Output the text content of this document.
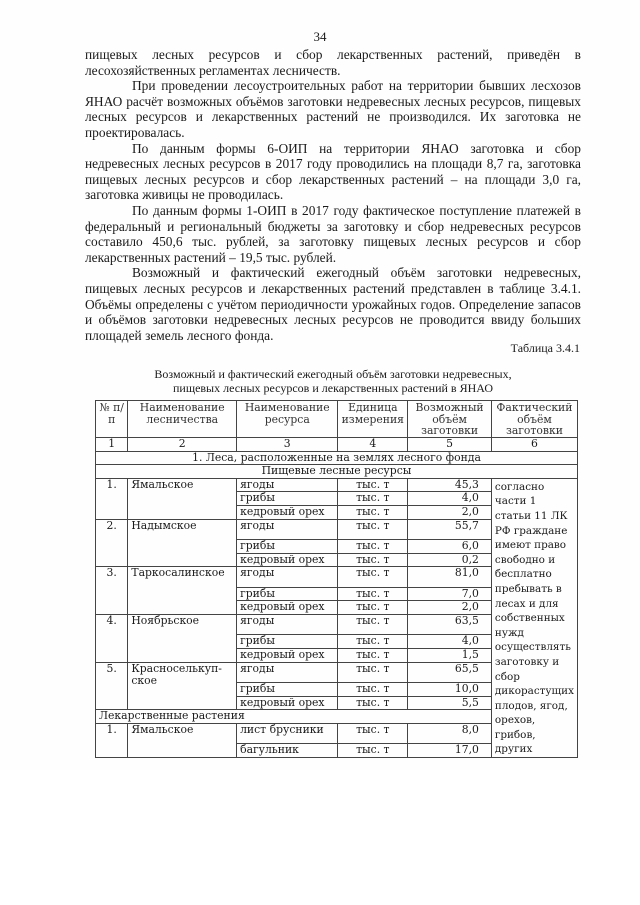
34

пищевых лесных ресурсов и сбор лекарственных растений, приведён в лесохозяйственных регламентах лесничеств.

При проведении лесоустроительных работ на территории бывших лесхозов ЯНАО расчёт возможных объёмов заготовки недревесных лесных ресурсов, пищевых лесных ресурсов и лекарственных растений не производился. Их заготовка не проектировалась.

По данным формы 6-ОИП на территории ЯНАО заготовка и сбор недревесных лесных ресурсов в 2017 году проводились на площади 8,7 га, заготовка пищевых лесных ресурсов и сбор лекарственных растений – на площади 3,0 га, заготовка живицы не проводилась.

По данным формы 1-ОИП в 2017 году фактическое поступление платежей в федеральный и региональный бюджеты за заготовку и сбор недревесных ресурсов составило 450,6 тыс. рублей, за заготовку пищевых лесных ресурсов и сбор лекарственных растений – 19,5 тыс. рублей.

Возможный и фактический ежегодный объём заготовки недревесных, пищевых лесных ресурсов и лекарственных растений представлен в таблице 3.4.1. Объёмы определены с учётом периодичности урожайных годов. Определение запасов и объёмов заготовки недревесных лесных ресурсов не проводится ввиду больших площадей земель лесного фонда.

Таблица 3.4.1
Возможный и фактический ежегодный объём заготовки недревесных,
пищевых лесных ресурсов и лекарственных растений в ЯНАО
№ п/п	Наименование лесничества	Наименование ресурса	Единица измерения	Возможный объём заготовки	Фактический объём заготовки
1	2	3	4	5	6
1. Леса, расположенные на землях лесного фонда					
Пищевые лесные ресурсы					
1.	Ямальское	ягоды	тыс. т	45,3	согласно части 1 статьи 11 ЛК РФ граждане имеют право свободно и бесплатно пребывать в лесах и для собственных нужд осуществлять заготовку и сбор дикорастущих плодов, ягод, орехов, грибов, других
		грибы	тыс. т	4,0	
		кедровый орех	тыс. т	2,0	
2.	Надымское	ягоды	тыс. т	55,7	
		грибы	тыс. т	6,0	
		кедровый орех	тыс. т	0,2	
3.	Таркосалинское	ягоды	тыс. т	81,0	
		грибы	тыс. т	7,0	
		кедровый орех	тыс. т	2,0	
4.	Ноябрьское	ягоды	тыс. т	63,5	
		грибы	тыс. т	4,0	
		кедровый орех	тыс. т	1,5	
5.	Красноселькуп-ское	ягоды	тыс. т	65,5	
		грибы	тыс. т	10,0	
		кедровый орех	тыс. т	5,5	
Лекарственные растения					
1.	Ямальское	лист брусники	тыс. т	8,0	
		багульник	тыс. т	17,0	
